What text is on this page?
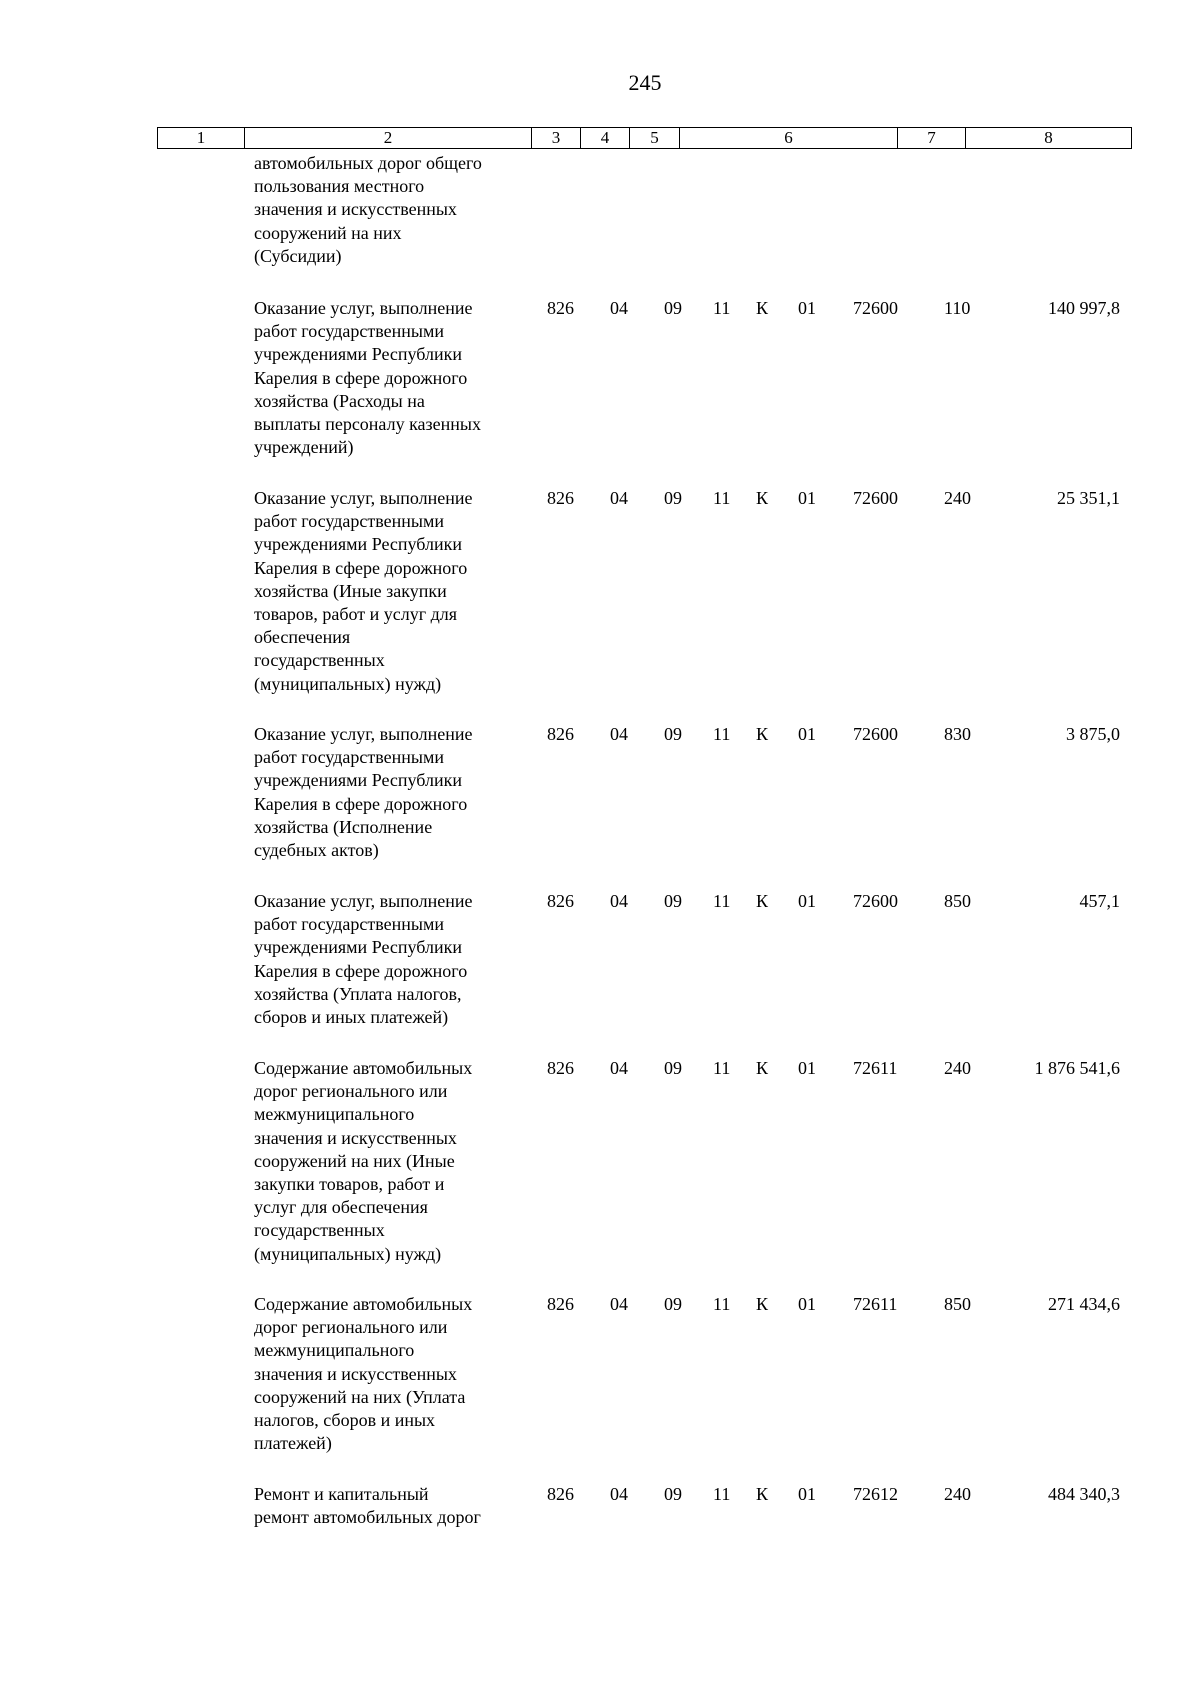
245
1	2	3	4	5	6	7	8
автомобильных дорог общего
пользования местного
значения и искусственных
сооружений на них
(Субсидии)
Оказание услуг, выполнение
работ государственными
учреждениями Республики
Карелия в сфере дорожного
хозяйства (Расходы на
выплаты персоналу казенных
учреждений)
826 04 09 11 К 01 72600	110	140 997,8
Оказание услуг, выполнение
работ государственными
учреждениями Республики
Карелия в сфере дорожного
хозяйства (Иные закупки
товаров, работ и услуг для
обеспечения
государственных
(муниципальных) нужд)
826 04 09 11 К 01 72600	240	25 351,1
Оказание услуг, выполнение
работ государственными
учреждениями Республики
Карелия в сфере дорожного
хозяйства (Исполнение
судебных актов)
826 04 09 11 К 01 72600	830	3 875,0
Оказание услуг, выполнение
работ государственными
учреждениями Республики
Карелия в сфере дорожного
хозяйства (Уплата налогов,
сборов и иных платежей)
826 04 09 11 К 01 72600	850	457,1
Содержание автомобильных
дорог регионального или
межмуниципального
значения и искусственных
сооружений на них (Иные
закупки товаров, работ и
услуг для обеспечения
государственных
(муниципальных) нужд)
826 04 09 11 К 01 72611	240	1 876 541,6
Содержание автомобильных
дорог регионального или
межмуниципального
значения и искусственных
сооружений на них (Уплата
налогов, сборов и иных
платежей)
826 04 09 11 К 01 72611	850	271 434,6
Ремонт и капитальный
ремонт автомобильных дорог
826 04 09 11 К 01 72612	240	484 340,3
